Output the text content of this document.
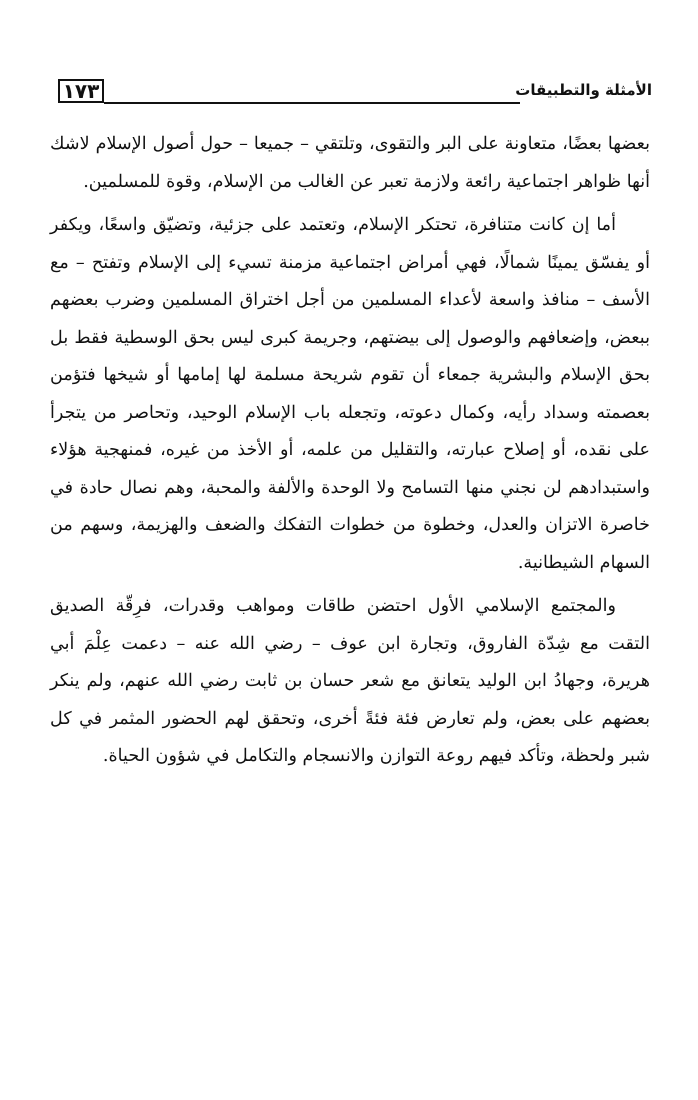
١٧٣	الأمثلة والتطبيقات

بعضها بعضًا، متعاونة على البر والتقوى، وتلتقي – جميعا – حول أصول الإسلام لاشك أنها ظواهر اجتماعية رائعة ولازمة تعبر عن الغالب من الإسلام، وقوة للمسلمين.

أما إن كانت متنافرة، تحتكر الإسلام، وتعتمد على جزئية، وتضيّق واسعًا، ويكفر أو يفسّق يمينًا شمالًا، فهي أمراض اجتماعية مزمنة تسيء إلى الإسلام وتفتح – مع الأسف – منافذ واسعة لأعداء المسلمين من أجل اختراق المسلمين وضرب بعضهم ببعض، وإضعافهم والوصول إلى بيضتهم، وجريمة كبرى ليس بحق الوسطية فقط بل بحق الإسلام والبشرية جمعاء أن تقوم شريحة مسلمة لها إمامها أو شيخها فتؤمن بعصمته وسداد رأيه، وكمال دعوته، وتجعله باب الإسلام الوحيد، وتحاصر من يتجرأ على نقده، أو إصلاح عبارته، والتقليل من علمه، أو الأخذ من غيره، فمنهجية هؤلاء واستبدادهم لن نجني منها التسامح ولا الوحدة والألفة والمحبة، وهم نصال حادة في خاصرة الاتزان والعدل، وخطوة من خطوات التفكك والضعف والهزيمة، وسهم من السهام الشيطانية.

والمجتمع الإسلامي الأول احتضن طاقات ومواهب وقدرات، فرِقّة الصديق التقت مع شِدّة الفاروق، وتجارة ابن عوف – رضي الله عنه – دعمت عِلْمَ أبي هريرة، وجهادُ ابن الوليد يتعانق مع شعر حسان بن ثابت رضي الله عنهم، ولم ينكر بعضهم على بعض، ولم تعارض فئة فئةً أخرى، وتحقق لهم الحضور المثمر في كل شبر ولحظة، وتأكد فيهم روعة التوازن والانسجام والتكامل في شؤون الحياة.
